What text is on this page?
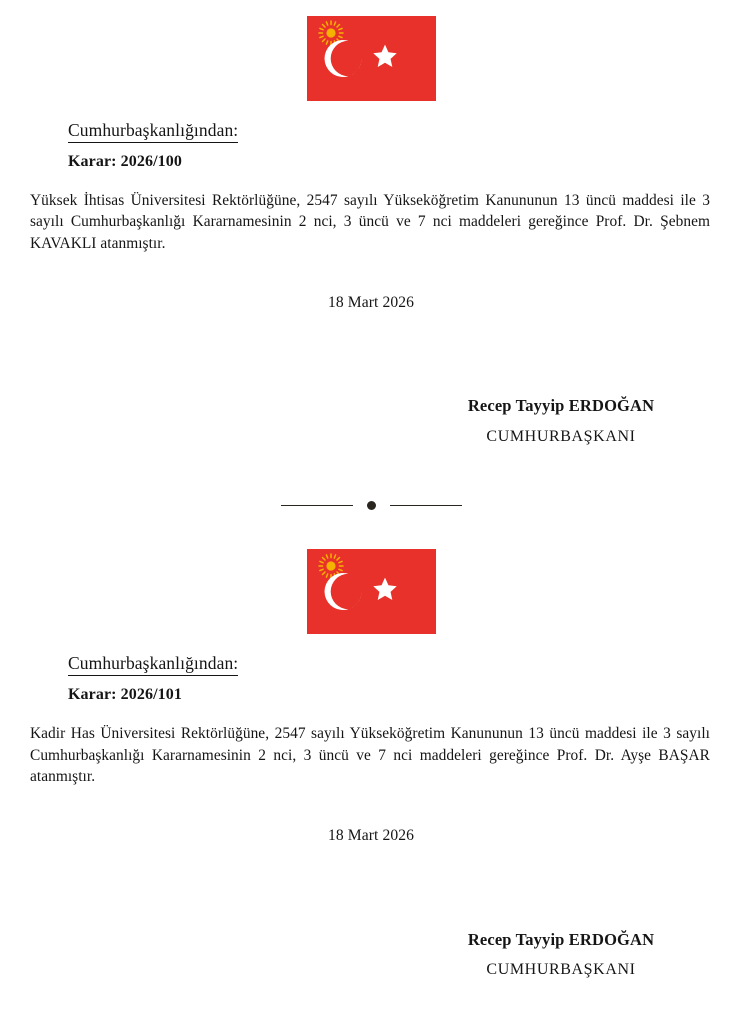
Cumhurbaşkanlığından:
Karar: 2026/100

Yüksek İhtisas Üniversitesi Rektörlüğüne, 2547 sayılı Yükseköğretim Kanununun 13 üncü maddesi ile 3 sayılı Cumhurbaşkanlığı Kararnamesinin 2 nci, 3 üncü ve 7 nci maddeleri gereğince Prof. Dr. Şebnem KAVAKLI atanmıştır.

18 Mart 2026
Recep Tayyip ERDOĞAN
CUMHURBAŞKANI
Cumhurbaşkanlığından:
Karar: 2026/101

Kadir Has Üniversitesi Rektörlüğüne, 2547 sayılı Yükseköğretim Kanununun 13 üncü maddesi ile 3 sayılı Cumhurbaşkanlığı Kararnamesinin 2 nci, 3 üncü ve 7 nci maddeleri gereğince Prof. Dr. Ayşe BAŞAR atanmıştır.

18 Mart 2026
Recep Tayyip ERDOĞAN
CUMHURBAŞKANI
